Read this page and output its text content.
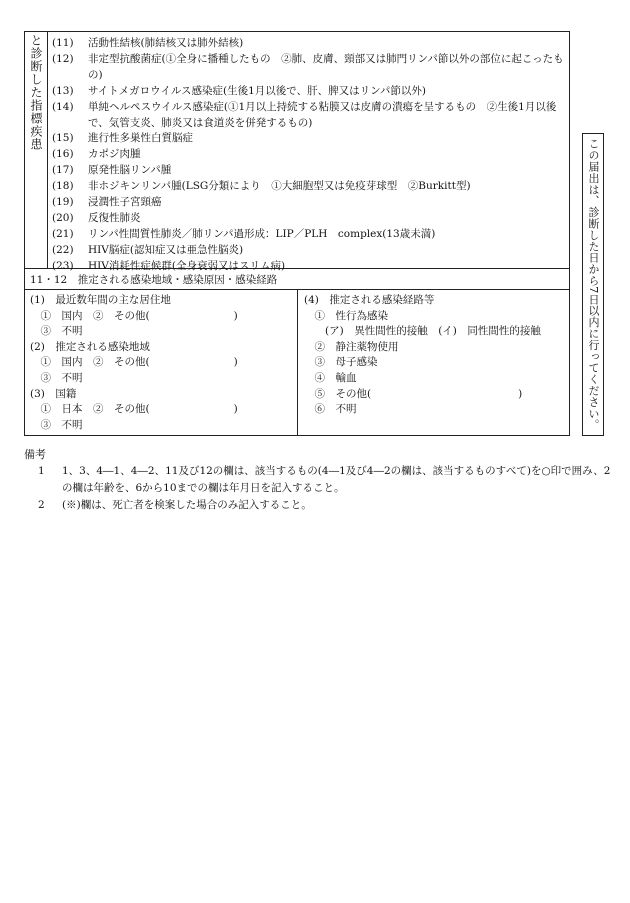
と診断した指標疾患 (11) 活動性結核(肺結核又は肺外結核)
(12) 非定型抗酸菌症(①全身に播種したもの　②肺、皮膚、頸部又は肺門リンパ節以外の部位に起こったもの)
(13) サイトメガロウイルス感染症(生後1月以後で、肝、脾又はリンパ節以外)
(14) 単純ヘルペスウイルス感染症(①1月以上持続する粘膜又は皮膚の潰瘍を呈するもの　②生後1月以後で、気管支炎、肺炎又は食道炎を併発するもの)
(15) 進行性多巣性白質脳症
(16) カポジ肉腫
(17) 原発性脳リンパ腫
(18) 非ホジキンリンパ腫(LSG分類により　①大細胞型又は免疫芽球型　②Burkitt型)
(19) 浸潤性子宮頸癌
(20) 反復性肺炎
(21) リンパ性間質性肺炎／肺リンパ過形成：LIP／PLH　complex(13歳未満)
(22) HIV脳症(認知症又は亜急性脳炎)
(23) HIV消耗性症候群(全身衰弱又はスリム病)
11・12　推定される感染地域・感染原因・感染経路
(1)　最近数年間の主な居住地
　①　国内　②　その他(　　　　　　　　)
　③　不明
(2)　推定される感染地域
　①　国内　②　その他(　　　　　　　　)
　③　不明
(3)　国籍
　①　日本　②　その他(　　　　　　　　)
　③　不明
(4)　推定される感染経路等
　①　性行為感染
　　(ア)　異性間性的接触　(イ)　同性間性的接触
　②　静注薬物使用
　③　母子感染
　④　輸血
　⑤　その他(　　　　　　　　　　　　　　)
　⑥　不明	この届出は、診断した日から7日以内に行ってください。
備考
1 1、3、4―1、4―2、11及び12の欄は、該当するもの(4―1及び4―2の欄は、該当するものすべて)を○印で囲み、2の欄は年齢を、6から10までの欄は年月日を記入すること。
2 (※)欄は、死亡者を検案した場合のみ記入すること。
